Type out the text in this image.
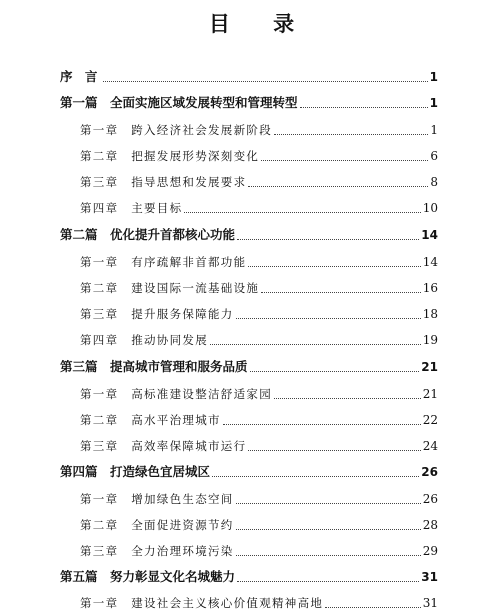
目 录
序 言	1
第一篇　全面实施区域发展转型和管理转型	1
第一章　跨入经济社会发展新阶段	1
第二章　把握发展形势深刻变化	6
第三章　指导思想和发展要求	8
第四章　主要目标	10
第二篇　优化提升首都核心功能	14
第一章　有序疏解非首都功能	14
第二章　建设国际一流基础设施	16
第三章　提升服务保障能力	18
第四章　推动协同发展	19
第三篇　提高城市管理和服务品质	21
第一章　高标准建设整洁舒适家园	21
第二章　高水平治理城市	22
第三章　高效率保障城市运行	24
第四篇　打造绿色宜居城区	26
第一章　增加绿色生态空间	26
第二章　全面促进资源节约	28
第三章　全力治理环境污染	29
第五篇　努力彰显文化名城魅力	31
第一章　建设社会主义核心价值观精神高地	31
